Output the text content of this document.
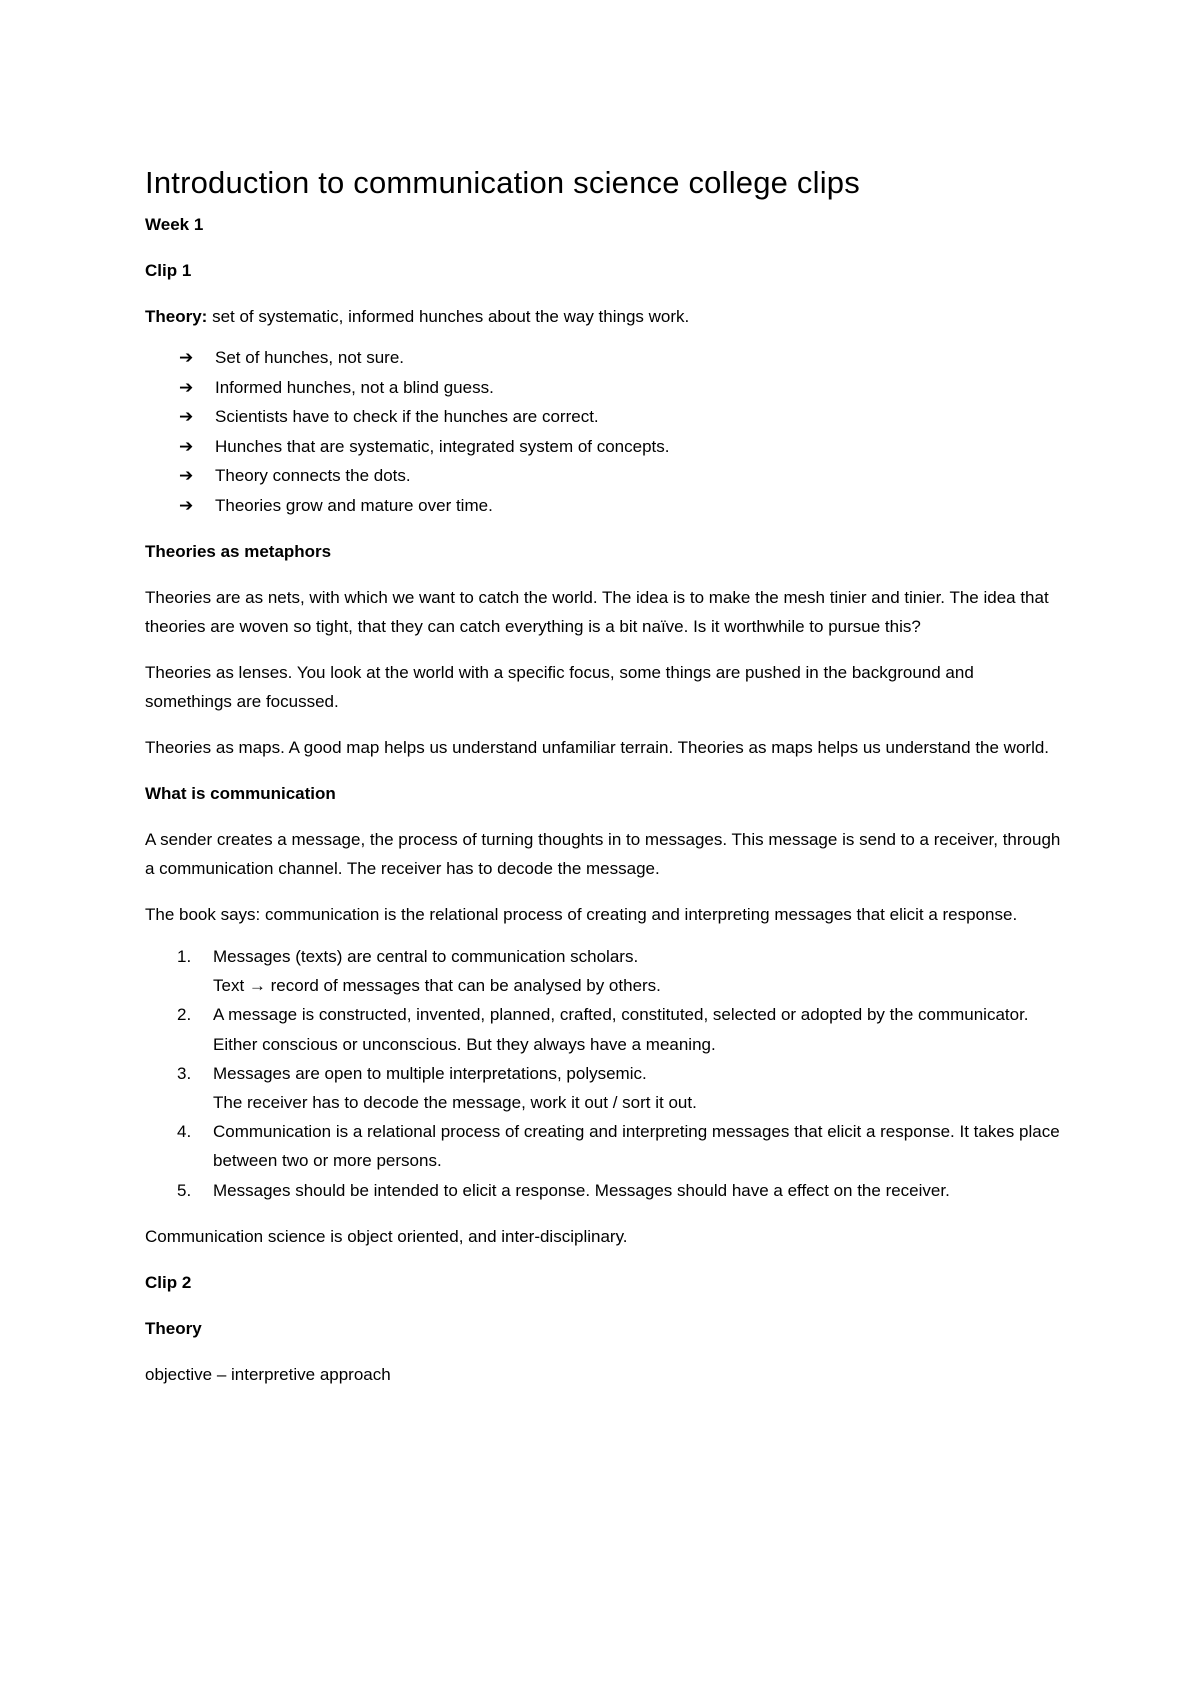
Introduction to communication science college clips
Week 1
Clip 1

Theory: set of systematic, informed hunches about the way things work.

➔ Set of hunches, not sure.
➔ Informed hunches, not a blind guess.
➔ Scientists have to check if the hunches are correct.
➔ Hunches that are systematic, integrated system of concepts.
➔ Theory connects the dots.
➔ Theories grow and mature over time.
Theories as metaphors

Theories are as nets, with which we want to catch the world. The idea is to make the mesh tinier and tinier. The idea that theories are woven so tight, that they can catch everything is a bit naïve. Is it worthwhile to pursue this?

Theories as lenses. You look at the world with a specific focus, some things are pushed in the background and somethings are focussed.

Theories as maps. A good map helps us understand unfamiliar terrain. Theories as maps helps us understand the world.

What is communication

A sender creates a message, the process of turning thoughts in to messages. This message is send to a receiver, through a communication channel. The receiver has to decode the message.

The book says: communication is the relational process of creating and interpreting messages that elicit a response.

1. Messages (texts) are central to communication scholars.
Text → record of messages that can be analysed by others.
2. A message is constructed, invented, planned, crafted, constituted, selected or adopted by the communicator. Either conscious or unconscious. But they always have a meaning.
3. Messages are open to multiple interpretations, polysemic.
The receiver has to decode the message, work it out / sort it out.
4. Communication is a relational process of creating and interpreting messages that elicit a response. It takes place between two or more persons.
5. Messages should be intended to elicit a response. Messages should have a effect on the receiver.

Communication science is object oriented, and inter-disciplinary.

Clip 2
Theory

objective – interpretive approach
